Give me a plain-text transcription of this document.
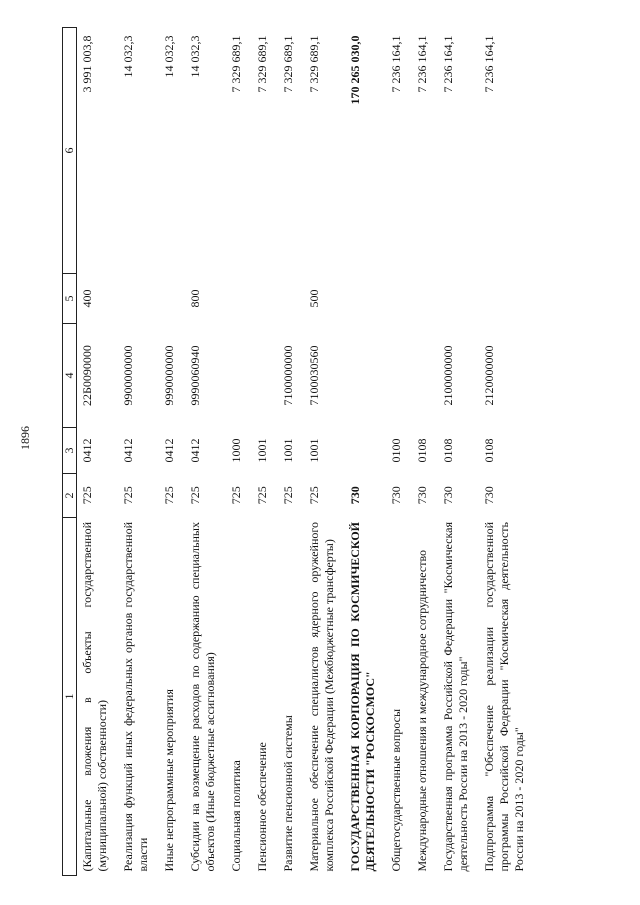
1896
1	2	3	4	5	6
(Капитальные вложения в объекты государственной (муниципальной) собственности)	725	0412	22Б0090000	400	3 991 003,8
Реализация функций иных федеральных органов государственной власти	725	0412	9900000000		14 032,3
Иные непрограммные мероприятия	725	0412	9990000000		14 032,3
Субсидии на возмещение расходов по содержанию специальных объектов (Иные бюджетные ассигнования)	725	0412	9990060940	800	14 032,3
Социальная политика	725	1000			7 329 689,1
Пенсионное обеспечение	725	1001			7 329 689,1
Развитие пенсионной системы	725	1001	7100000000		7 329 689,1
Материальное обеспечение специалистов ядерного оружейного комплекса Российской Федерации (Межбюджетные трансферты)	725	1001	7100030560	500	7 329 689,1
ГОСУДАРСТВЕННАЯ КОРПОРАЦИЯ ПО КОСМИЧЕСКОЙ ДЕЯТЕЛЬНОСТИ "РОСКОСМОС"	730				170 265 030,0
Общегосударственные вопросы	730	0100			7 236 164,1
Международные отношения и международное сотрудничество	730	0108			7 236 164,1
Государственная программа Российской Федерации "Космическая деятельность России на 2013 - 2020 годы"	730	0108	2100000000		7 236 164,1
Подпрограмма "Обеспечение реализации государственной программы Российской Федерации "Космическая деятельность России на 2013 - 2020 годы"	730	0108	2120000000		7 236 164,1
